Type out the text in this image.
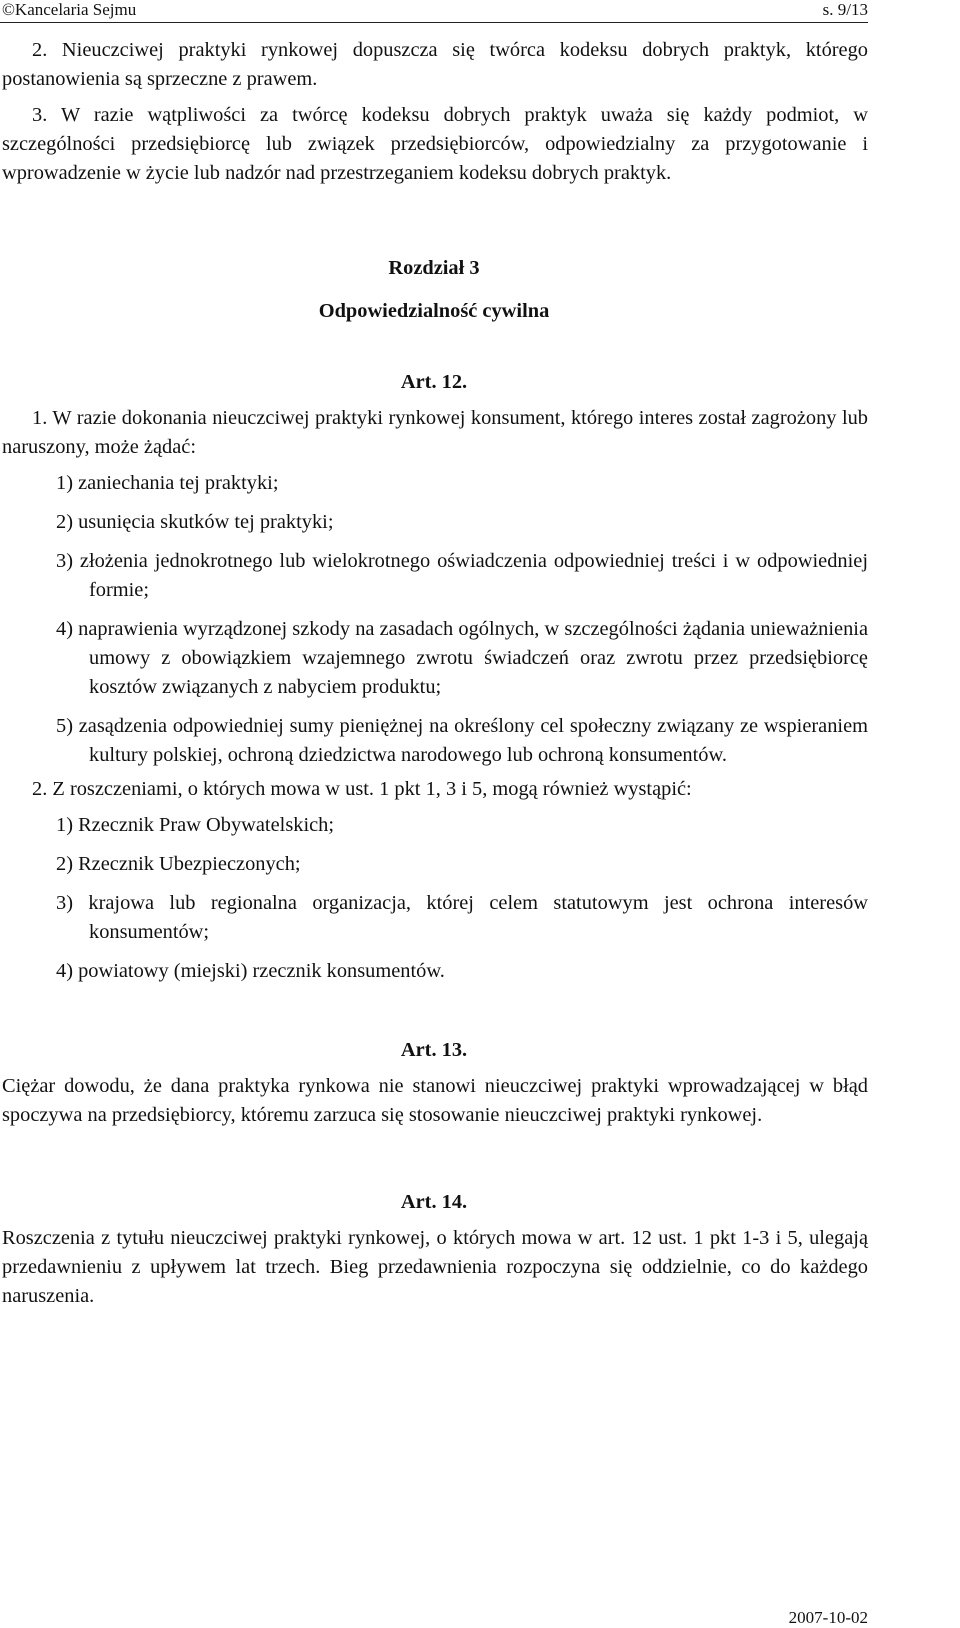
©Kancelaria Sejmu	s. 9/13

2. Nieuczciwej praktyki rynkowej dopuszcza się twórca kodeksu dobrych praktyk, którego postanowienia są sprzeczne z prawem.

3. W razie wątpliwości za twórcę kodeksu dobrych praktyk uważa się każdy podmiot, w szczególności przedsiębiorcę lub związek przedsiębiorców, odpowiedzialny za przygotowanie i wprowadzenie w życie lub nadzór nad przestrzeganiem kodeksu dobrych praktyk.

Rozdział 3

Odpowiedzialność cywilna

Art. 12.

1. W razie dokonania nieuczciwej praktyki rynkowej konsument, którego interes został zagrożony lub naruszony, może żądać:

1) zaniechania tej praktyki;

2) usunięcia skutków tej praktyki;

3) złożenia jednokrotnego lub wielokrotnego oświadczenia odpowiedniej treści i w odpowiedniej formie;

4) naprawienia wyrządzonej szkody na zasadach ogólnych, w szczególności żądania unieważnienia umowy z obowiązkiem wzajemnego zwrotu świadczeń oraz zwrotu przez przedsiębiorcę kosztów związanych z nabyciem produktu;

5) zasądzenia odpowiedniej sumy pieniężnej na określony cel społeczny związany ze wspieraniem kultury polskiej, ochroną dziedzictwa narodowego lub ochroną konsumentów.

2. Z roszczeniami, o których mowa w ust. 1 pkt 1, 3 i 5, mogą również wystąpić:

1) Rzecznik Praw Obywatelskich;

2) Rzecznik Ubezpieczonych;

3) krajowa lub regionalna organizacja, której celem statutowym jest ochrona interesów konsumentów;

4) powiatowy (miejski) rzecznik konsumentów.

Art. 13.

Ciężar dowodu, że dana praktyka rynkowa nie stanowi nieuczciwej praktyki wprowadzającej w błąd spoczywa na przedsiębiorcy, któremu zarzuca się stosowanie nieuczciwej praktyki rynkowej.

Art. 14.

Roszczenia z tytułu nieuczciwej praktyki rynkowej, o których mowa w art. 12 ust. 1 pkt 1-3 i 5, ulegają przedawnieniu z upływem lat trzech. Bieg przedawnienia rozpoczyna się oddzielnie, co do każdego naruszenia.

2007-10-02
